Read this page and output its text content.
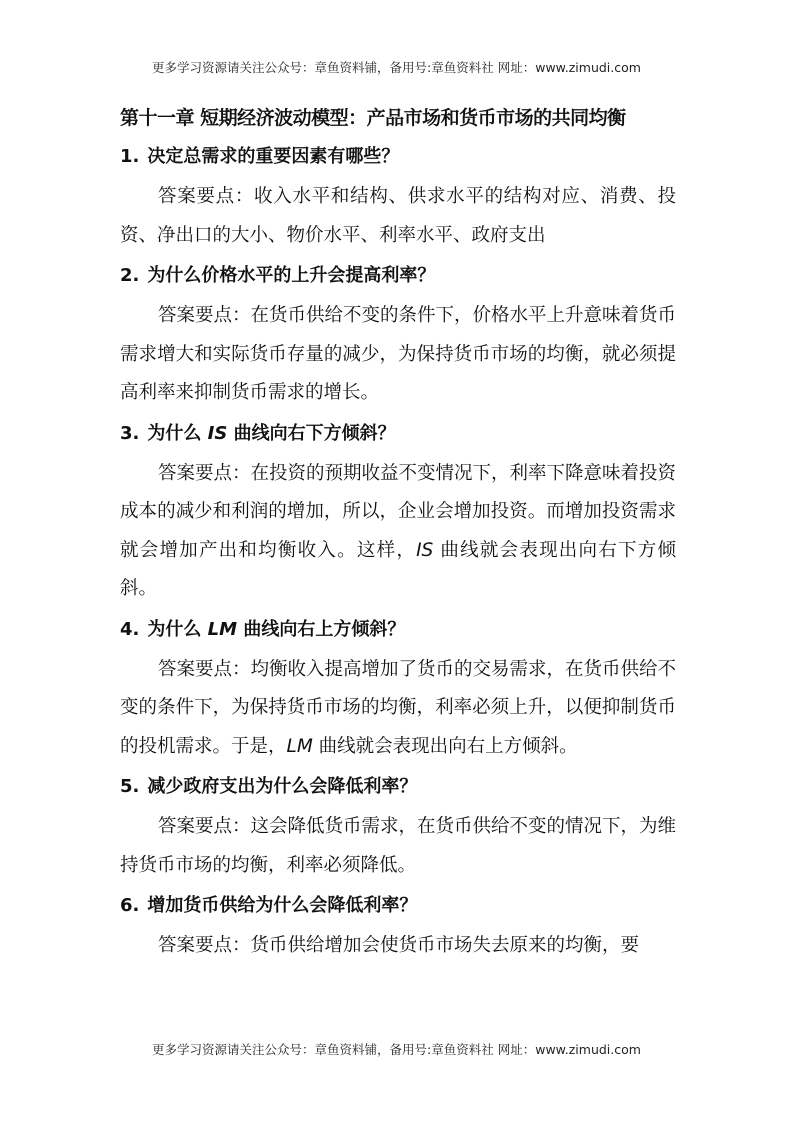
更多学习资源请关注公众号：章鱼资料铺，备用号:章鱼资料社 网址：www.zimudi.com
第十一章 短期经济波动模型：产品市场和货币市场的共同均衡
1. 决定总需求的重要因素有哪些？

答案要点：收入水平和结构、供求水平的结构对应、消费、投资、净出口的大小、物价水平、利率水平、政府支出

2. 为什么价格水平的上升会提高利率？

答案要点：在货币供给不变的条件下，价格水平上升意味着货币需求增大和实际货币存量的减少，为保持货币市场的均衡，就必须提高利率来抑制货币需求的增长。

3. 为什么 IS 曲线向右下方倾斜？

答案要点：在投资的预期收益不变情况下，利率下降意味着投资成本的减少和利润的增加，所以，企业会增加投资。而增加投资需求就会增加产出和均衡收入。这样，IS 曲线就会表现出向右下方倾斜。

4. 为什么 LM 曲线向右上方倾斜？

答案要点：均衡收入提高增加了货币的交易需求，在货币供给不变的条件下，为保持货币市场的均衡，利率必须上升，以便抑制货币的投机需求。于是，LM 曲线就会表现出向右上方倾斜。

5. 减少政府支出为什么会降低利率？

答案要点：这会降低货币需求，在货币供给不变的情况下，为维持货币市场的均衡，利率必须降低。

6. 增加货币供给为什么会降低利率？

答案要点：货币供给增加会使货币市场失去原来的均衡，要

更多学习资源请关注公众号：章鱼资料铺，备用号:章鱼资料社 网址：www.zimudi.com
